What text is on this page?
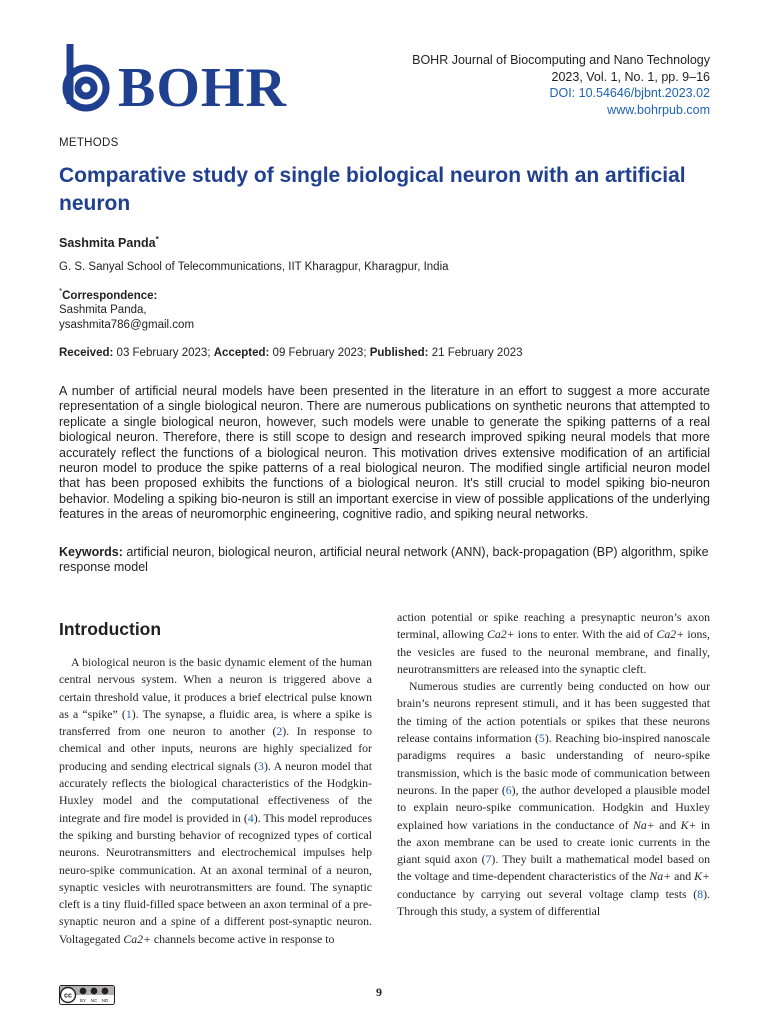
BOHR	BOHR Journal of Biocomputing and Nano Technology
2023, Vol. 1, No. 1, pp. 9–16
DOI: 10.54646/bjbnt.2023.02
www.bohrpub.com
METHODS
Comparative study of single biological neuron with an artificial neuron
Sashmita Panda*
G. S. Sanyal School of Telecommunications, IIT Kharagpur, Kharagpur, India
*Correspondence:
Sashmita Panda,
ysashmita786@gmail.com
Received: 03 February 2023; Accepted: 09 February 2023; Published: 21 February 2023
A number of artificial neural models have been presented in the literature in an effort to suggest a more accurate representation of a single biological neuron. There are numerous publications on synthetic neurons that attempted to replicate a single biological neuron, however, such models were unable to generate the spiking patterns of a real biological neuron. Therefore, there is still scope to design and research improved spiking neural models that more accurately reflect the functions of a biological neuron. This motivation drives extensive modification of an artificial neuron model to produce the spike patterns of a real biological neuron. The modified single artificial neuron model that has been proposed exhibits the functions of a biological neuron. It's still crucial to model spiking bio-neuron behavior. Modeling a spiking bio-neuron is still an important exercise in view of possible applications of the underlying features in the areas of neuromorphic engineering, cognitive radio, and spiking neural networks.
Keywords: artificial neuron, biological neuron, artificial neural network (ANN), back-propagation (BP) algorithm, spike response model
Introduction

A biological neuron is the basic dynamic element of the human central nervous system. When a neuron is triggered above a certain threshold value, it produces a brief electrical pulse known as a “spike” (1). The synapse, a fluidic area, is where a spike is transferred from one neuron to another (2). In response to chemical and other inputs, neurons are highly specialized for producing and sending electrical signals (3). A neuron model that accurately reflects the biological characteristics of the Hodgkin-Huxley model and the computational effectiveness of the integrate and fire model is provided in (4). This model reproduces the spiking and bursting behavior of recognized types of cortical neurons. Neurotransmitters and electrochemical impulses help neuro-spike communication. At an axonal terminal of a neuron, synaptic vesicles with neurotransmitters are found. The synaptic cleft is a tiny fluid-filled space between an axon terminal of a pre-synaptic neuron and a spine of a different post-synaptic neuron. Voltagegated Ca2+ channels become active in response to

action potential or spike reaching a presynaptic neuron’s axon terminal, allowing Ca2+ ions to enter. With the aid of Ca2+ ions, the vesicles are fused to the neuronal membrane, and finally, neurotransmitters are released into the synaptic cleft.

Numerous studies are currently being conducted on how our brain’s neurons represent stimuli, and it has been suggested that the timing of the action potentials or spikes that these neurons release contains information (5). Reaching bio-inspired nanoscale paradigms requires a basic understanding of neuro-spike transmission, which is the basic mode of communication between neurons. In the paper (6), the author developed a plausible model to explain neuro-spike communication. Hodgkin and Huxley explained how variations in the conductance of Na+ and K+ in the axon membrane can be used to create ionic currents in the giant squid axon (7). They built a mathematical model based on the voltage and time-dependent characteristics of the Na+ and K+ conductance by carrying out several voltage clamp tests (8). Through this study, a system of differential

cc
BY NC ND
9
